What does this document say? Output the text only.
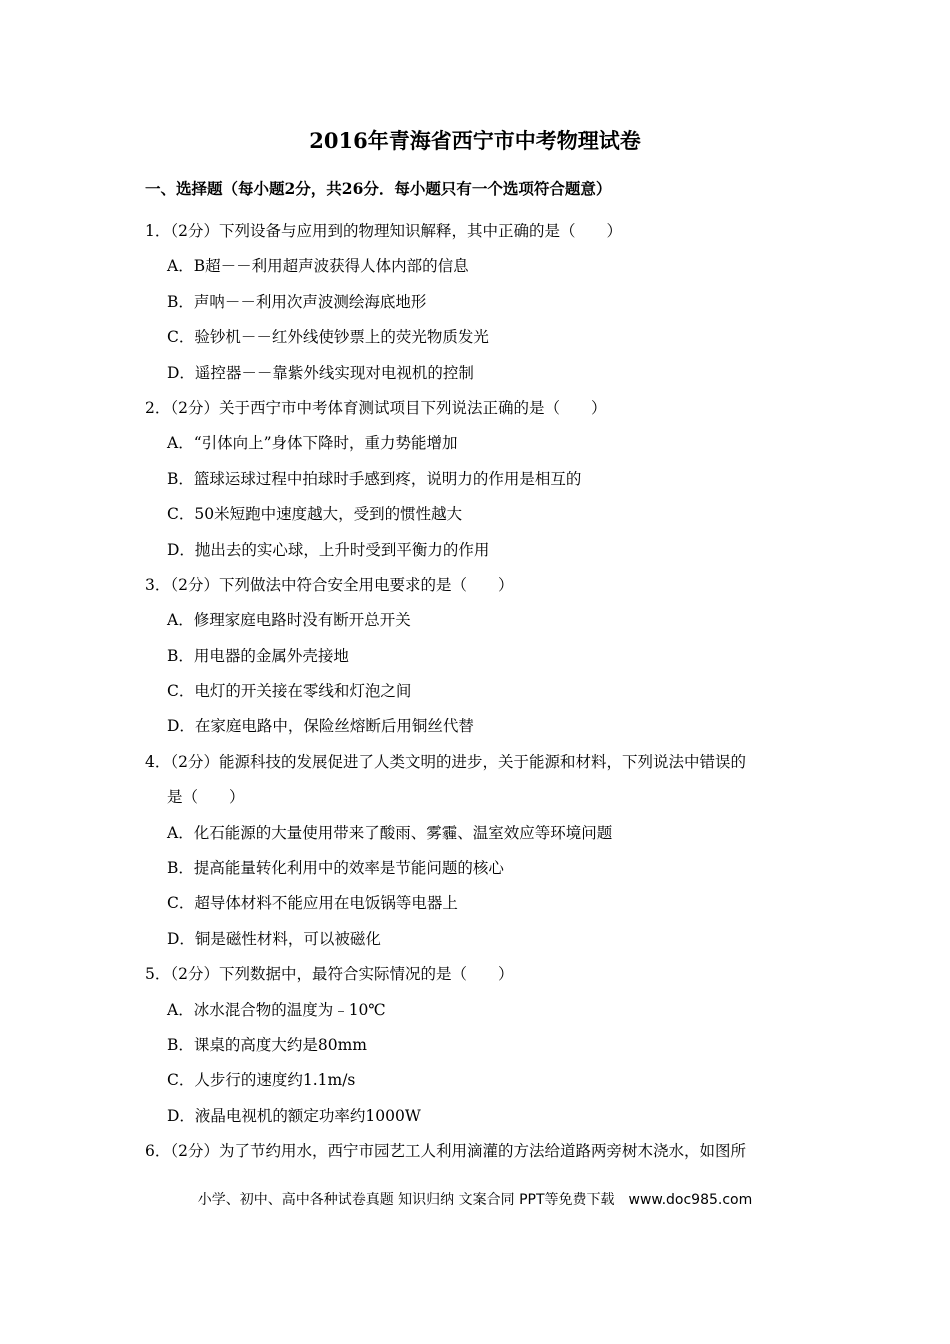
2016年青海省西宁市中考物理试卷
一、选择题（每小题2分，共26分．每小题只有一个选项符合题意）
1．（2分）下列设备与应用到的物理知识解释，其中正确的是（　　）
A．B超－－利用超声波获得人体内部的信息
B．声呐－－利用次声波测绘海底地形
C．验钞机－－红外线使钞票上的荧光物质发光
D．遥控器－－靠紫外线实现对电视机的控制
2．（2分）关于西宁市中考体育测试项目下列说法正确的是（　　）
A．“引体向上”身体下降时，重力势能增加
B．篮球运球过程中拍球时手感到疼，说明力的作用是相互的
C．50米短跑中速度越大，受到的惯性越大
D．抛出去的实心球，上升时受到平衡力的作用
3．（2分）下列做法中符合安全用电要求的是（　　）
A．修理家庭电路时没有断开总开关
B．用电器的金属外壳接地
C．电灯的开关接在零线和灯泡之间
D．在家庭电路中，保险丝熔断后用铜丝代替
4．（2分）能源科技的发展促进了人类文明的进步，关于能源和材料，下列说法中错误的
是（　　）
A．化石能源的大量使用带来了酸雨、雾霾、温室效应等环境问题
B．提高能量转化利用中的效率是节能问题的核心
C．超导体材料不能应用在电饭锅等电器上
D．铜是磁性材料，可以被磁化
5．（2分）下列数据中，最符合实际情况的是（　　）
A．冰水混合物的温度为﹣10℃
B．课桌的高度大约是80mm
C．人步行的速度约1.1m/s
D．液晶电视机的额定功率约1000W
6．（2分）为了节约用水，西宁市园艺工人利用滴灌的方法给道路两旁树木浇水，如图所
小学、初中、高中各种试卷真题 知识归纳 文案合同 PPT等免费下载　www.doc985.com
